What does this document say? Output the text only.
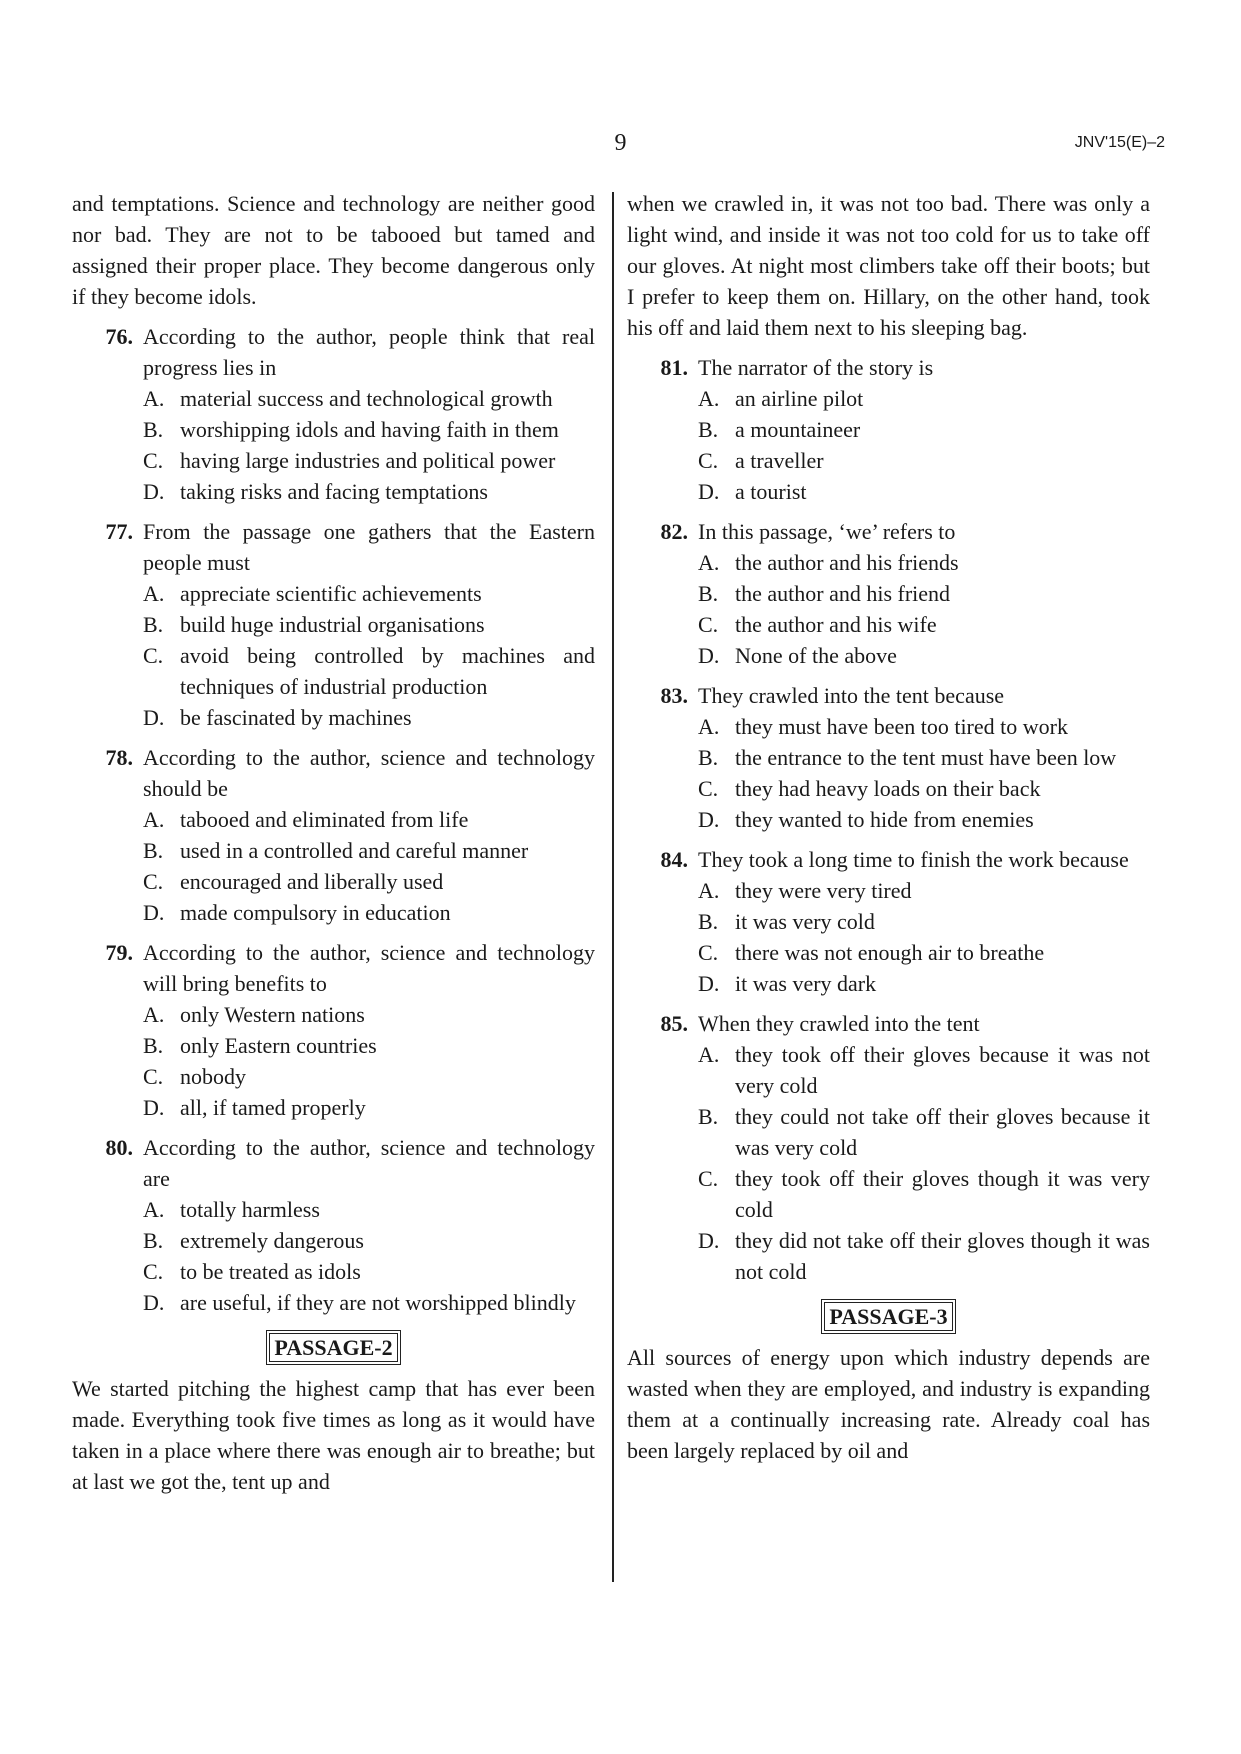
9	JNV'15(E)–2

and temptations. Science and technology are neither good nor bad. They are not to be tabooed but tamed and assigned their proper place. They become dangerous only if they become idols.

76. According to the author, people think that real progress lies in

A. material success and technological growth
B. worshipping idols and having faith in them
C. having large industries and political power
D. taking risks and facing temptations
77. From the passage one gathers that the Eastern people must

A. appreciate scientific achievements
B. build huge industrial organisations
C. avoid being controlled by machines and techniques of industrial production
D. be fascinated by machines
78. According to the author, science and technology should be

A. tabooed and eliminated from life
B. used in a controlled and careful manner
C. encouraged and liberally used
D. made compulsory in education
79. According to the author, science and technology will bring benefits to

A. only Western nations
B. only Eastern countries
C. nobody
D. all, if tamed properly
80. According to the author, science and technology are

A. totally harmless
B. extremely dangerous
C. to be treated as idols
D. are useful, if they are not worshipped blindly
PASSAGE-2

We started pitching the highest camp that has ever been made. Everything took five times as long as it would have taken in a place where there was enough air to breathe; but at last we got the, tent up and

when we crawled in, it was not too bad. There was only a light wind, and inside it was not too cold for us to take off our gloves. At night most climbers take off their boots; but I prefer to keep them on. Hillary, on the other hand, took his off and laid them next to his sleeping bag.

81. The narrator of the story is

A. an airline pilot
B. a mountaineer
C. a traveller
D. a tourist
82. In this passage, ‘we’ refers to

A. the author and his friends
B. the author and his friend
C. the author and his wife
D. None of the above
83. They crawled into the tent because

A. they must have been too tired to work
B. the entrance to the tent must have been low
C. they had heavy loads on their back
D. they wanted to hide from enemies
84. They took a long time to finish the work because

A. they were very tired
B. it was very cold
C. there was not enough air to breathe
D. it was very dark
85. When they crawled into the tent

A. they took off their gloves because it was not very cold
B. they could not take off their gloves because it was very cold
C. they took off their gloves though it was very cold
D. they did not take off their gloves though it was not cold
PASSAGE-3

All sources of energy upon which industry depends are wasted when they are employed, and industry is expanding them at a continually increasing rate. Already coal has been largely replaced by oil and
